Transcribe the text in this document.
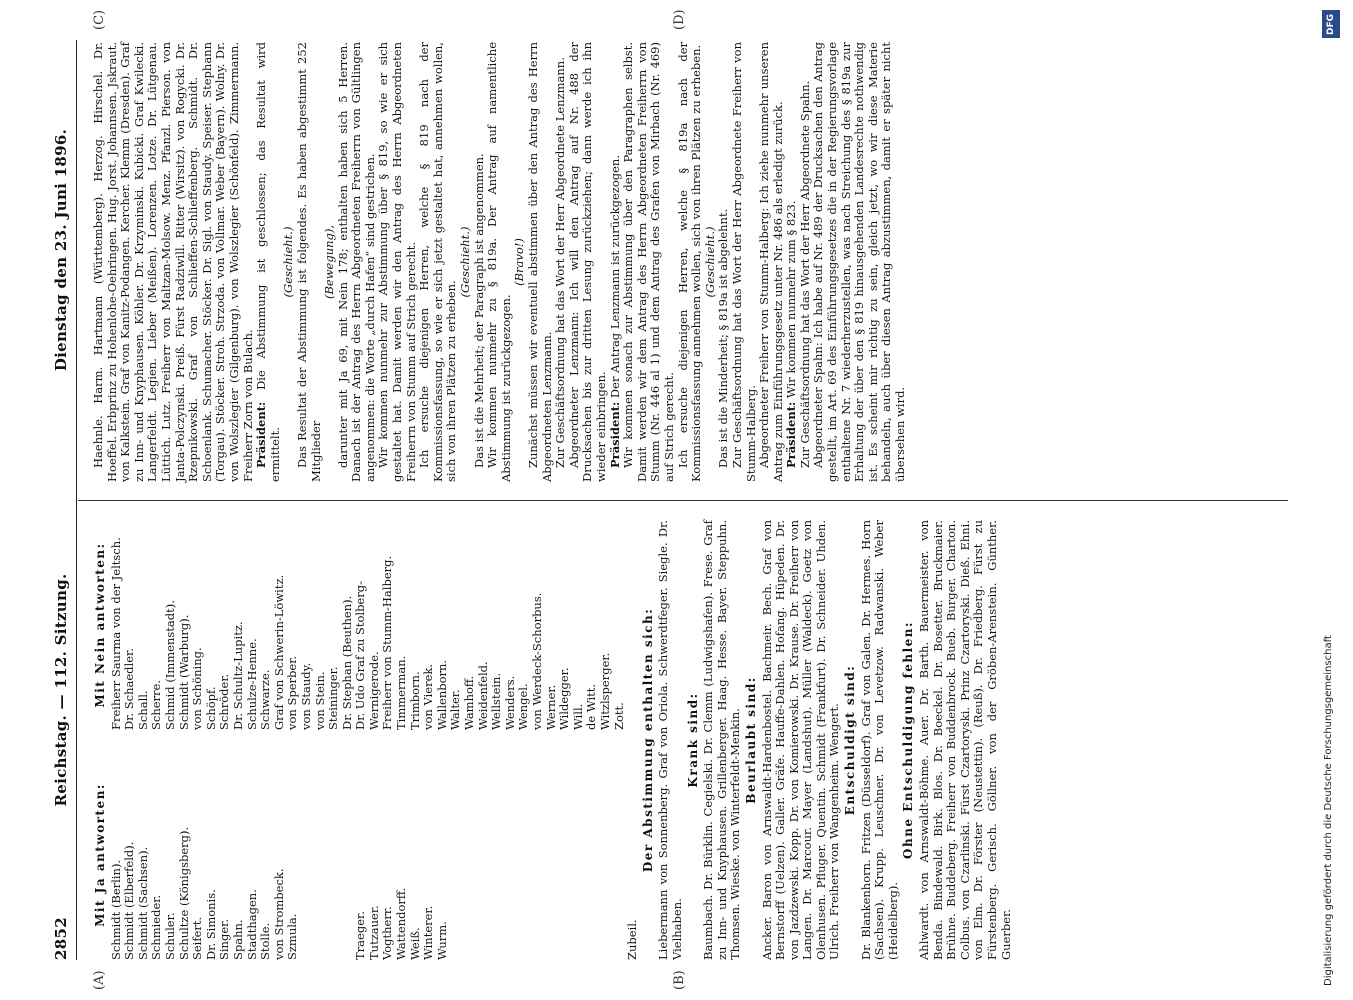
2852
Reichstag. — 112. Sitzung.
Dienstag den 23. Juni 1896.
(A)	(B)
(C)	(D)
Mit Ja antworten: Schmidt (Berlin). Schmidt (Elberfeld). Schmidt (Sachsen). Schmieder. Schuler. Schultze (Königsberg). Seifert. Dr. Simonis. Singer. Spahn. Stadthagen. Stolle. von Strombeck. Szmula.

	Traeger. Tutzauer. Vogtherr. Wattendorff. Weiß. Winterer. Wurm.
Mit Nein antworten: Freiherr Saurma von der Jeltsch. Dr. Schaedler. Schall. Scherre. Schmid (Immenstadt). Schmidt (Warburg). von Schöning. Schöpf. Schröder. Dr. Schultz-Lupitz. Schulze-Henne. Schwarze. Graf von Schwerin-Löwitz. von Sperber. von Staudy. von Stein. Steininger. Dr. Stephan (Beuthen). Dr. Udo Graf zu Stolberg-Wernigerode. Freiherr von Stumm-Halberg. Timmerman. Trimborn. von Vierek. Wallenborn. Walter. Wamhoff. Weidenfeld. Wellstein. Wenders. Wengel. von Werdeck-Schorbus. Werner. Wildegger. Will. de Witt. Witzlsperger. Zott.

Zubeil.

Der Abstimmung enthalten sich: Liebermann von Sonnenberg. Graf von Oriola. Schwerdtfeger. Siegle. Dr. Vielhaben.

Krank sind: Baumbach. Dr. Bürklin. Cegielski. Dr. Clemm (Ludwigshafen). Frese. Graf zu Inn- und Knyphausen. Grillenberger. Haag. Hesse. Bayer. Steppuhn. Thomsen. Wieske. von Winterfeldt-Menkin. Beurlaubt sind: Ancker. Baron von Arnswaldt-Hardenbostel. Bachmeir. Bech. Graf von Bernstorff (Uelzen). Galler. Gräfe. Hauffe-Dahlen. Hofang. Hüpeden. Dr. von Jazdzewski. Kopp. Dr. von Komierowski. Dr. Krause. Dr. Freiherr von Langen. Dr. Marcour. Mayer (Landshut). Müller (Waldeck). Goetz von Olenhusen. Pfluger. Quentin. Schmidt (Frankfurt). Dr. Schneider. Uhden. Ulrich. Freiherr von Wangenheim. Wengert. Entschuldigt sind: Dr. Blankenhorn. Fritzen (Düsseldorf). Graf von Galen. Dr. Hermes. Horn (Sachsen). Krupp. Leuschner. Dr. von Levetzow. Radwanski. Weber (Heidelberg).

Ohne Entschuldigung fehlen: Ahlwardt. von Arnswaldt-Böhme. Auer. Dr. Barth. Bauermeister. von Benda. Bindewald. Birk. Blos. Dr. Boeckel. Dr. Bosetter. Bruckmaier. Brühne. Buddeberg. Freiherr von Buddenbrock. Bueb. Burger. Charton. Colbus. von Czarlinski. Fürst Czartoryski. Prinz Czartoryski. Dieß. Ehni. von Elm. Dr. Förster (Neustettin). (Reuß). Dr. Friedberg. Fürst zu Fürstenberg. Gerisch. Göllner. von der Gröben-Arenstein. Günther. Guerber.

Haehnle. Harm. Hartmann (Württemberg). Herzog. Hirschel. Dr. Hoeffel. Erbprinz zu Hohenlohe-Oehringen. Hug. Jorst. Johannsen. Jskraut. von Kalkstein. Graf von Kanitz-Podangen. Kercher. Klemm (Dresden). Graf zu Inn- und Knyphausen. Köhler. Dr. Krzyminski. Kubicki. Graf Kwilecki. Langerfeldt. Legien. Lieber (Meißen). Lorenzen. Lotze. Dr. Lütgenau. Lüttich. Lutz. Freiherr von Maltzan-Molsow. Menz. Pfanzl. Pierson. von Janta-Polczynski. Preiß. Fürst Radziwill. Ritter (Wirsitz). von Rogycki. Dr. Rzepnikowski. Graf von Schlieffen-Schlieffenberg. Schmidt. Dr. Schoenlank. Schumacher. Stöcker. Dr. Sigl. von Staudy. Speiser. Stephann (Torgau). Stöcker. Stroh. Strzoda. von Vollmar. Weber (Bayern). Wolny. Dr. von Wolszlegier (Gilgenburg). von Wolszlegier (Schönfeld). Zimmermann. Freiherr Zorn von Bulach. Präsident: Die Abstimmung ist geschlossen; das Resultat wird ermittelt.

(Geschieht.) Das Resultat der Abstimmung ist folgendes. Es haben abgestimmt 252 Mitglieder

(Bewegung), darunter mit Ja 69, mit Nein 178; enthalten haben sich 5 Herren. Danach ist der Antrag des Herrn Abgeordneten Freiherrn von Gültlingen angenommen: die Worte „durch Hafen“ sind gestrichen. Wir kommen nunmehr zur Abstimmung über § 819, so wie er sich gestaltet hat. Damit werden wir den Antrag des Herrn Abgeordneten Freiherrn von Stumm auf Strich gerecht. Ich ersuche diejenigen Herren, welche § 819 nach der Kommissionsfassung, so wie er sich jetzt gestaltet hat, annehmen wollen, sich von ihren Plätzen zu erheben.

(Geschieht.) Das ist die Mehrheit; der Paragraph ist angenommen. Wir kommen nunmehr zu § 819a. Der Antrag auf namentliche Abstimmung ist zurückgezogen.

(Bravo!) Zunächst müssen wir eventuell abstimmen über den Antrag des Herrn Abgeordneten Lenzmann. Zur Geschäftsordnung hat das Wort der Herr Abgeordnete Lenzmann. Abgeordneter Lenzmann: Ich will den Antrag auf Nr. 488 der Drucksachen bis zur dritten Lesung zurückziehen; dann werde ich ihn wieder einbringen. Präsident: Der Antrag Lenzmann ist zurückgezogen. Wir kommen sonach zur Abstimmung über den Paragraphen selbst. Damit werden wir dem Antrag des Herrn Abgeordneten Freiherrn von Stumm (Nr. 446 al 1) und dem Antrag des Grafen von Mirbach (Nr. 469) auf Strich gerecht. Ich ersuche diejenigen Herren, welche § 819a nach der Kommissionsfassung annehmen wollen, sich von ihren Plätzen zu erheben. (Geschieht.) Das ist die Minderheit; § 819a ist abgelehnt. Zur Geschäftsordnung hat das Wort der Herr Abgeordnete Freiherr von Stumm-Halberg. Abgeordneter Freiherr von Stumm-Halberg: Ich ziehe nunmehr unseren Antrag zum Einführungsgesetz unter Nr. 486 als erledigt zurück. Präsident: Wir kommen nunmehr zum § 823. Zur Geschäftsordnung hat das Wort der Herr Abgeordnete Spahn. Abgeordneter Spahn: Ich habe auf Nr. 489 der Drucksachen den Antrag gestellt, im Art. 69 des Einführungsgesetzes die in der Regierungsvorlage enthaltene Nr. 7 wiederherzustellen, was nach Streichung des § 819a zur Erhaltung der über den § 819 hinausgehenden Landesrechte nothwendig ist. Es scheint mir richtig zu sein, gleich jetzt, wo wir diese Materie behandeln, auch über diesen Antrag abzustimmen, damit er später nicht übersehen wird.

DFG
Digitalisierung gefördert durch die Deutsche Forschungsgemeinschaft
